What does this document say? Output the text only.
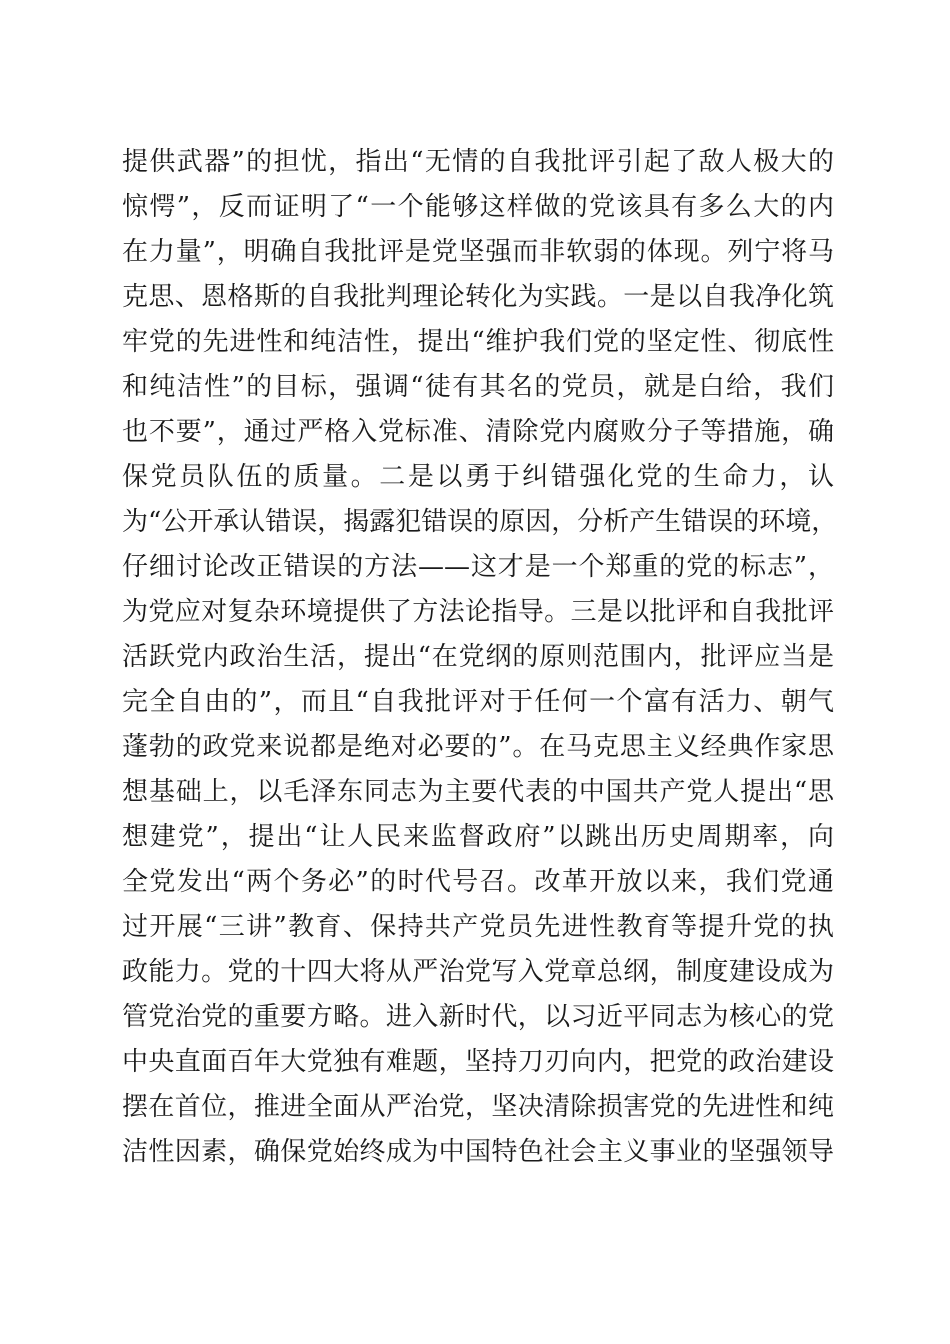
提供武器”的担忧，指出“无情的自我批评引起了敌人极大的
惊愕”，反而证明了“一个能够这样做的党该具有多么大的内
在力量”，明确自我批评是党坚强而非软弱的体现。列宁将马
克思、恩格斯的自我批判理论转化为实践。一是以自我净化筑
牢党的先进性和纯洁性，提出“维护我们党的坚定性、彻底性
和纯洁性”的目标，强调“徒有其名的党员，就是白给，我们
也不要”，通过严格入党标准、清除党内腐败分子等措施，确
保党员队伍的质量。二是以勇于纠错强化党的生命力，认
为“公开承认错误，揭露犯错误的原因，分析产生错误的环境，
仔细讨论改正错误的方法——这才是一个郑重的党的标志”，
为党应对复杂环境提供了方法论指导。三是以批评和自我批评
活跃党内政治生活，提出“在党纲的原则范围内，批评应当是
完全自由的”，而且“自我批评对于任何一个富有活力、朝气
蓬勃的政党来说都是绝对必要的”。在马克思主义经典作家思
想基础上，以毛泽东同志为主要代表的中国共产党人提出“思
想建党”，提出“让人民来监督政府”以跳出历史周期率，向
全党发出“两个务必”的时代号召。改革开放以来，我们党通
过开展“三讲”教育、保持共产党员先进性教育等提升党的执
政能力。党的十四大将从严治党写入党章总纲，制度建设成为
管党治党的重要方略。进入新时代，以习近平同志为核心的党
中央直面百年大党独有难题，坚持刀刃向内，把党的政治建设
摆在首位，推进全面从严治党，坚决清除损害党的先进性和纯
洁性因素，确保党始终成为中国特色社会主义事业的坚强领导
